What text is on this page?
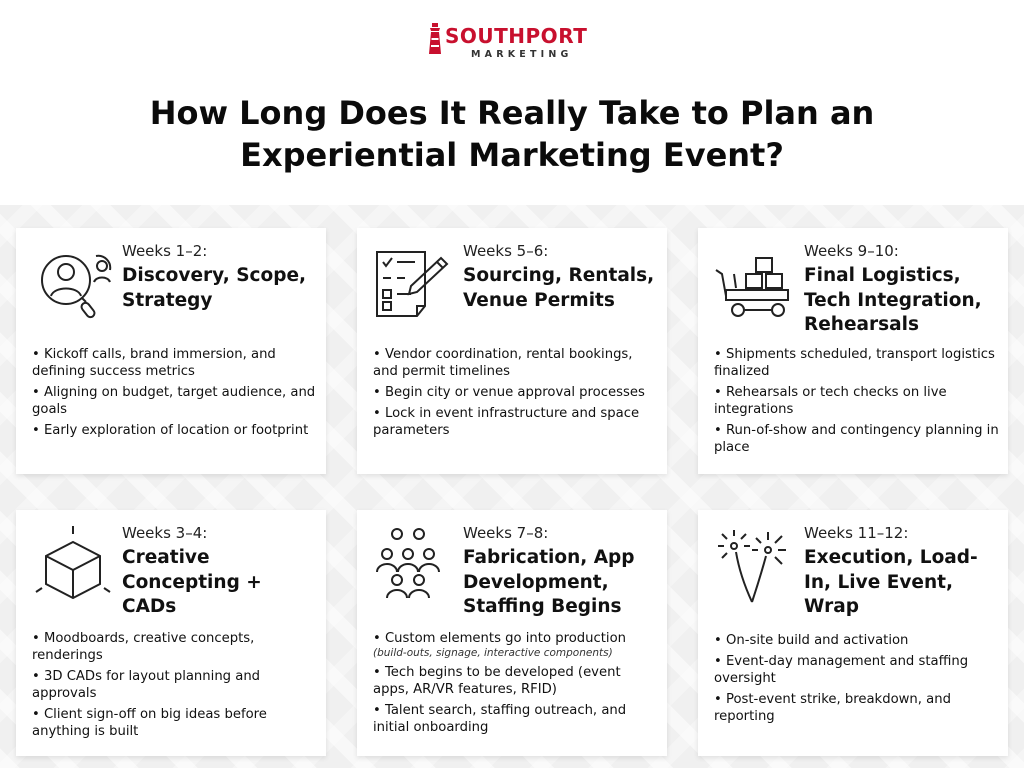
SOUTHPORT
MARKETING
How Long Does It Really Take to Plan an Experiential Marketing Event?
Weeks 1–2:
Discovery, Scope, Strategy
• Kickoff calls, brand immersion, and defining success metrics
• Aligning on budget, target audience, and goals
• Early exploration of location or footprint
Weeks 5–6:
Sourcing, Rentals, Venue Permits
• Vendor coordination, rental bookings, and permit timelines
• Begin city or venue approval processes
• Lock in event infrastructure and space parameters
Weeks 9–10:
Final Logistics, Tech Integration, Rehearsals
• Shipments scheduled, transport logistics finalized
• Rehearsals or tech checks on live integrations
• Run-of-show and contingency planning in place
Weeks 3–4:
Creative Concepting + CADs
• Moodboards, creative concepts, renderings
• 3D CADs for layout planning and approvals
• Client sign-off on big ideas before anything is built
Weeks 7–8:
Fabrication, App Development, Staffing Begins
• Custom elements go into production
(build-outs, signage, interactive components)
• Tech begins to be developed (event apps, AR/VR features, RFID)
• Talent search, staffing outreach, and initial onboarding
Weeks 11–12:
Execution, Load-In, Live Event, Wrap
• On-site build and activation
• Event-day management and staffing oversight
• Post-event strike, breakdown, and reporting
